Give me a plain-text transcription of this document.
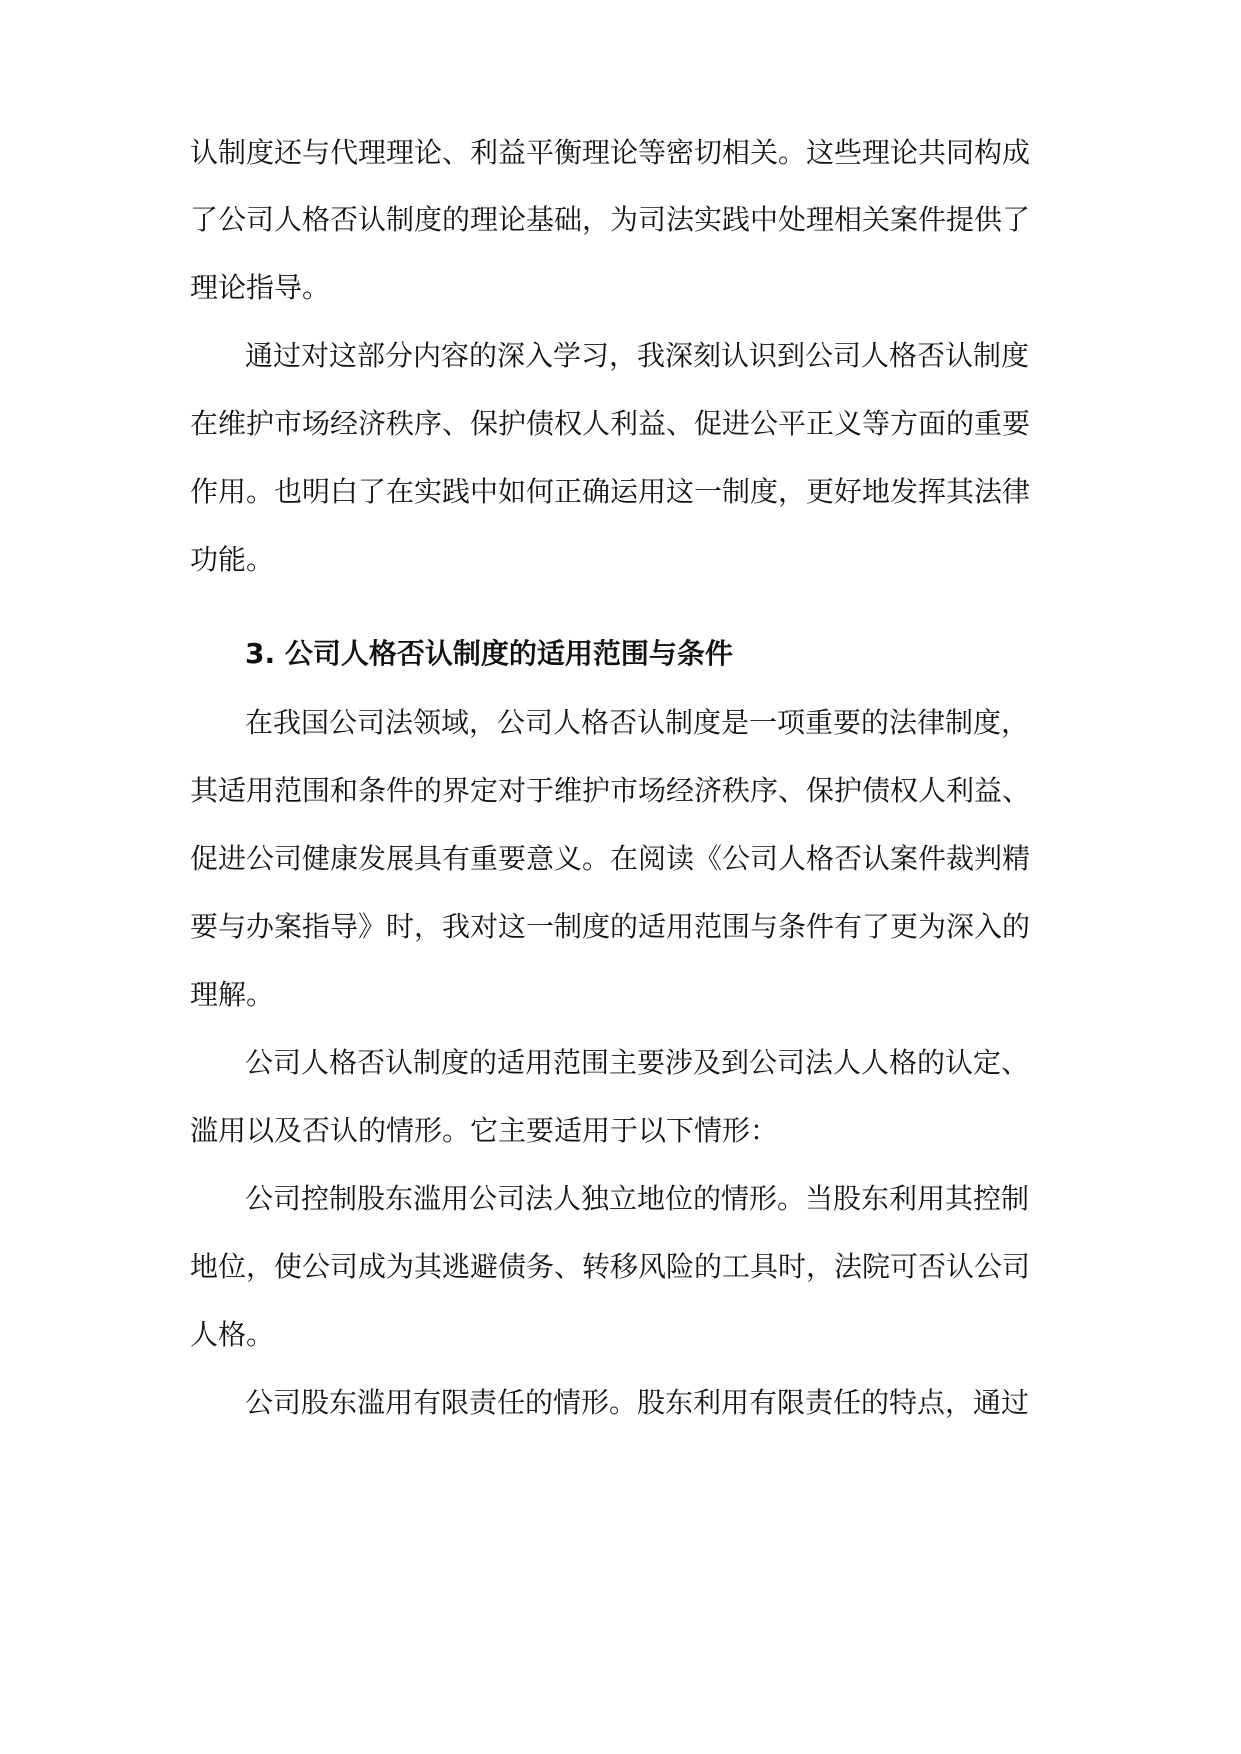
认制度还与代理理论、利益平衡理论等密切相关。这些理论共同构成
了公司人格否认制度的理论基础，为司法实践中处理相关案件提供了
理论指导。
通过对这部分内容的深入学习，我深刻认识到公司人格否认制度
在维护市场经济秩序、保护债权人利益、促进公平正义等方面的重要
作用。也明白了在实践中如何正确运用这一制度，更好地发挥其法律
功能。
3. 公司人格否认制度的适用范围与条件
在我国公司法领域，公司人格否认制度是一项重要的法律制度，
其适用范围和条件的界定对于维护市场经济秩序、保护债权人利益、
促进公司健康发展具有重要意义。在阅读《公司人格否认案件裁判精
要与办案指导》时，我对这一制度的适用范围与条件有了更为深入的
理解。
公司人格否认制度的适用范围主要涉及到公司法人人格的认定、
滥用以及否认的情形。它主要适用于以下情形：
公司控制股东滥用公司法人独立地位的情形。当股东利用其控制
地位，使公司成为其逃避债务、转移风险的工具时，法院可否认公司
人格。
公司股东滥用有限责任的情形。股东利用有限责任的特点，通过
